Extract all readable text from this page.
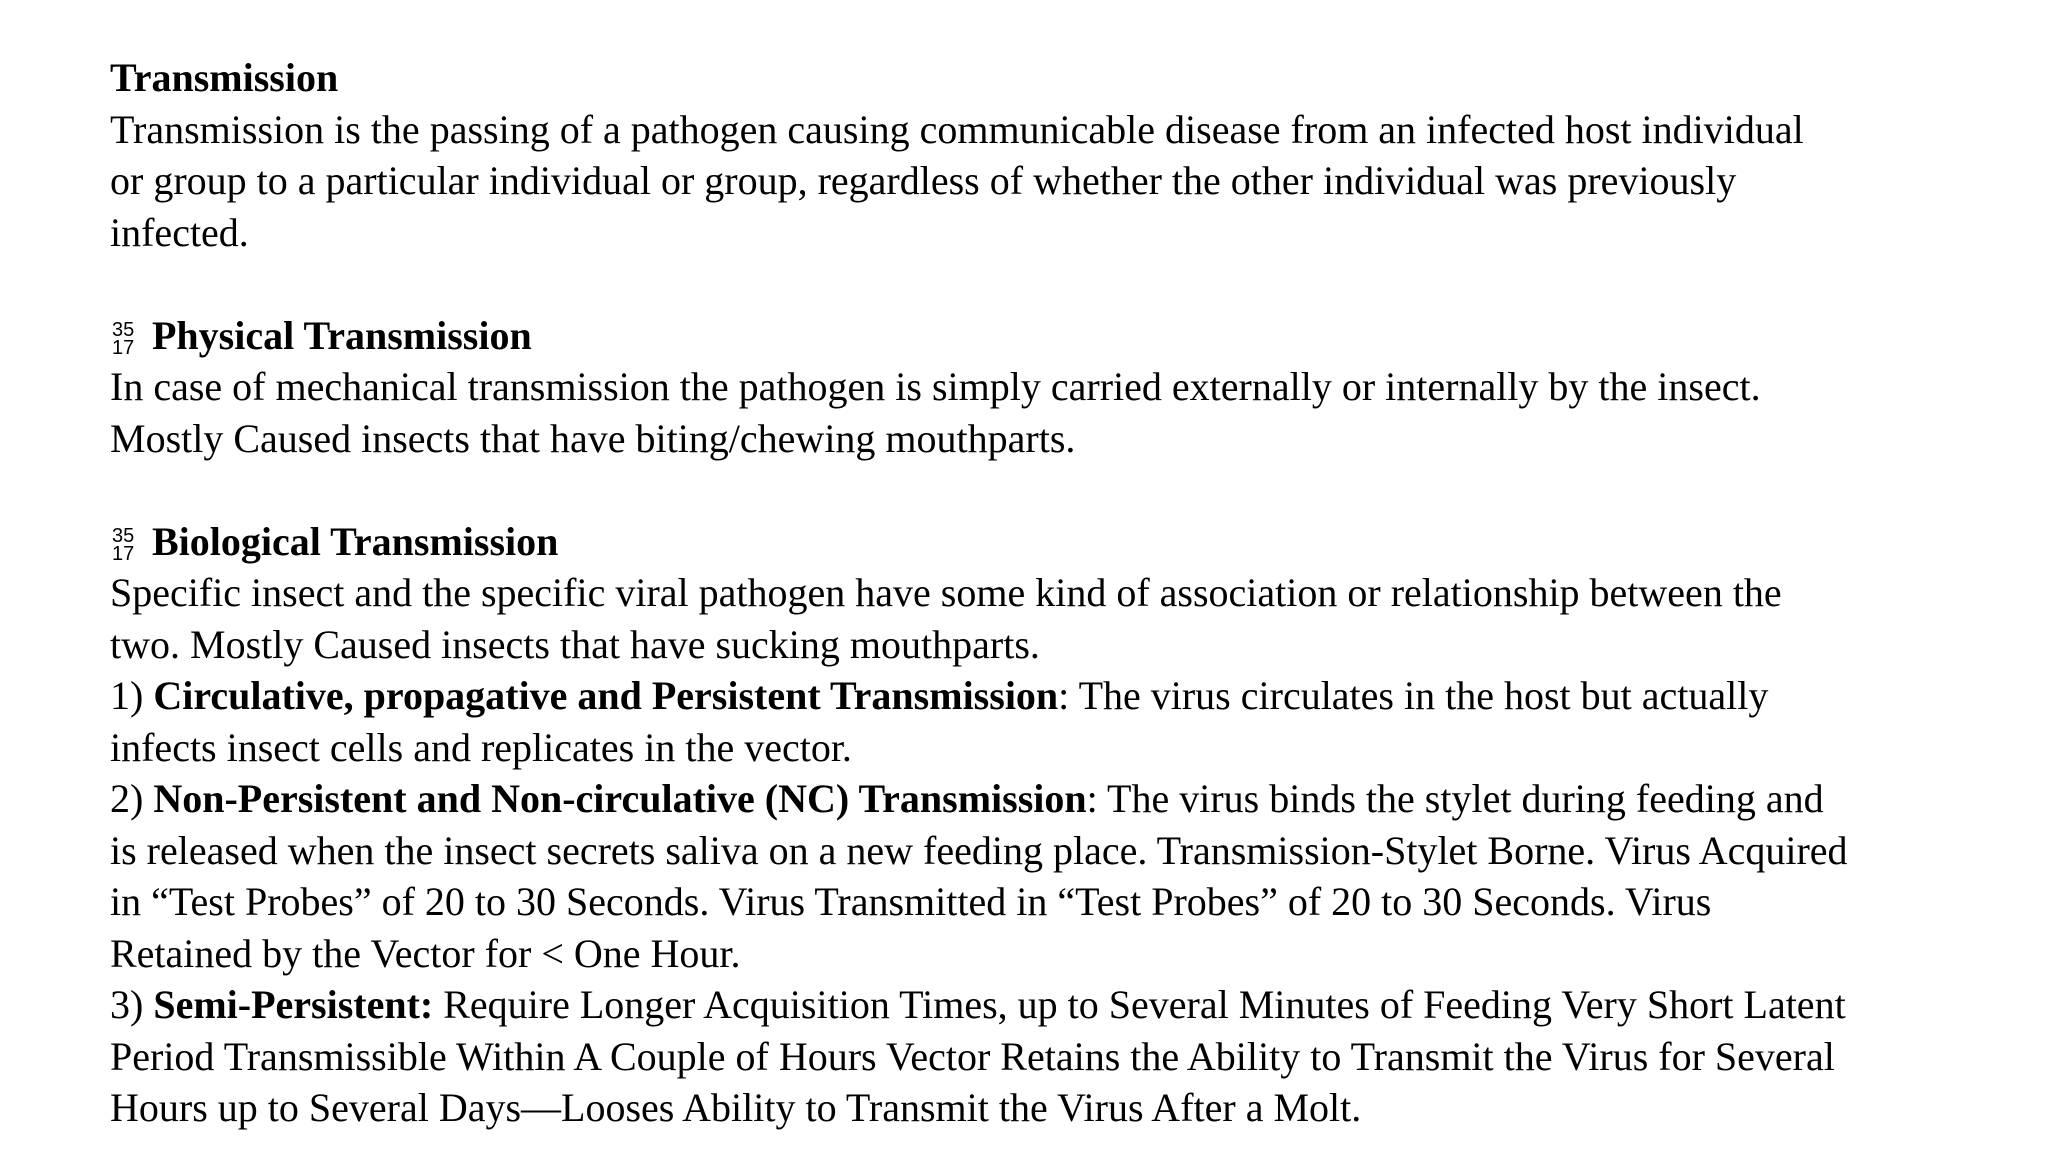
Transmission
Transmission is the passing of a pathogen causing communicable disease from an infected host individual
or group to a particular individual or group, regardless of whether the other individual was previously
infected.
35
17 Physical Transmission
In case of mechanical transmission the pathogen is simply carried externally or internally by the insect.
Mostly Caused insects that have biting/chewing mouthparts.
35
17 Biological Transmission
Specific insect and the specific viral pathogen have some kind of association or relationship between the
two. Mostly Caused insects that have sucking mouthparts.
1) Circulative, propagative and Persistent Transmission: The virus circulates in the host but actually
infects insect cells and replicates in the vector.
2) Non-Persistent and Non-circulative (NC) Transmission: The virus binds the stylet during feeding and
is released when the insect secrets saliva on a new feeding place. Transmission-Stylet Borne. Virus Acquired
in “Test Probes” of 20 to 30 Seconds. Virus Transmitted in “Test Probes” of 20 to 30 Seconds. Virus
Retained by the Vector for < One Hour.
3) Semi-Persistent: Require Longer Acquisition Times, up to Several Minutes of Feeding Very Short Latent
Period Transmissible Within A Couple of Hours Vector Retains the Ability to Transmit the Virus for Several
Hours up to Several Days—Looses Ability to Transmit the Virus After a Molt.
